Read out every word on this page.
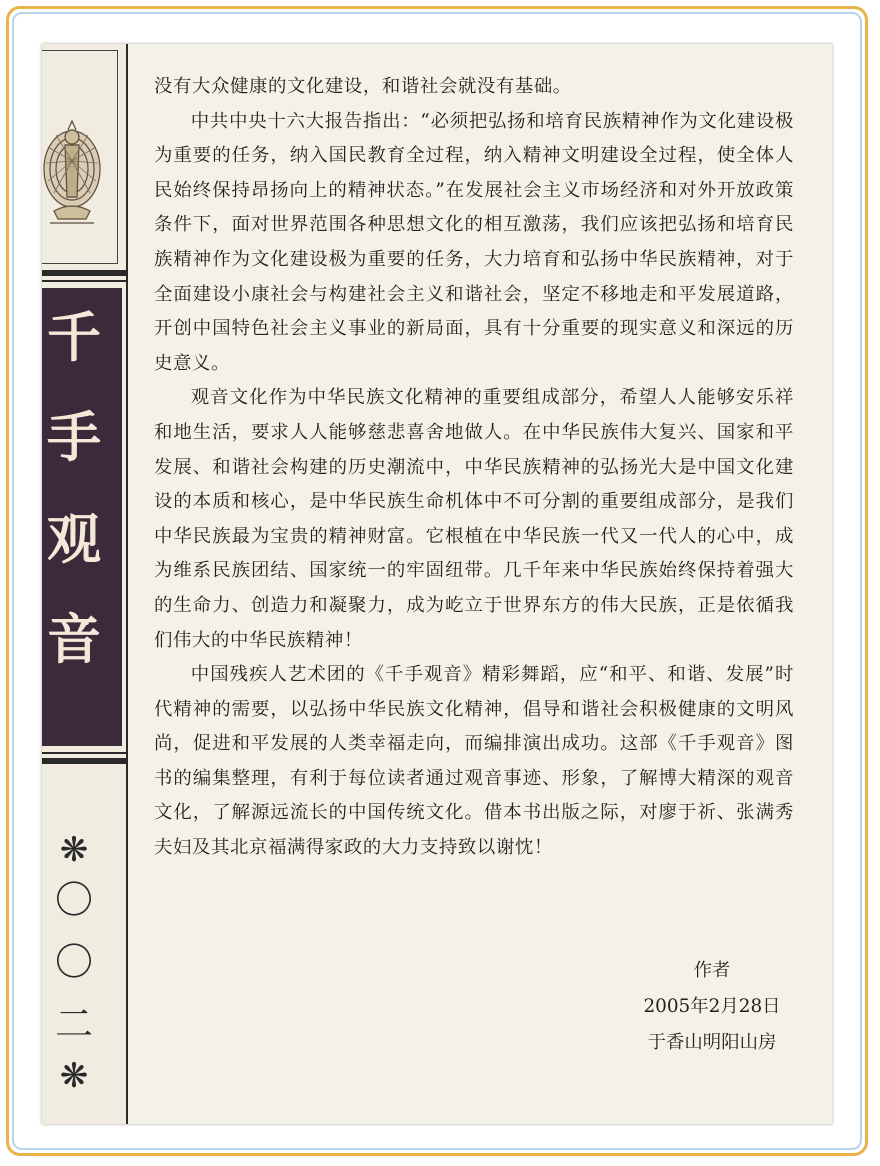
千
手
观
音
❋
〇
〇
二
❋

没有大众健康的文化建设，和谐社会就没有基础。

中共中央十六大报告指出：“必须把弘扬和培育民族精神作为文化建设极为重要的任务，纳入国民教育全过程，纳入精神文明建设全过程，使全体人民始终保持昂扬向上的精神状态。”在发展社会主义市场经济和对外开放政策条件下，面对世界范围各种思想文化的相互激荡，我们应该把弘扬和培育民族精神作为文化建设极为重要的任务，大力培育和弘扬中华民族精神，对于全面建设小康社会与构建社会主义和谐社会，坚定不移地走和平发展道路，开创中国特色社会主义事业的新局面，具有十分重要的现实意义和深远的历史意义。

观音文化作为中华民族文化精神的重要组成部分，希望人人能够安乐祥和地生活，要求人人能够慈悲喜舍地做人。在中华民族伟大复兴、国家和平发展、和谐社会构建的历史潮流中，中华民族精神的弘扬光大是中国文化建设的本质和核心，是中华民族生命机体中不可分割的重要组成部分，是我们中华民族最为宝贵的精神财富。它根植在中华民族一代又一代人的心中，成为维系民族团结、国家统一的牢固纽带。几千年来中华民族始终保持着强大的生命力、创造力和凝聚力，成为屹立于世界东方的伟大民族，正是依循我们伟大的中华民族精神！

中国残疾人艺术团的《千手观音》精彩舞蹈，应“和平、和谐、发展”时代精神的需要，以弘扬中华民族文化精神，倡导和谐社会积极健康的文明风尚，促进和平发展的人类幸福走向，而编排演出成功。这部《千手观音》图书的编集整理，有利于每位读者通过观音事迹、形象，了解博大精深的观音文化，了解源远流长的中国传统文化。借本书出版之际，对廖于祈、张满秀夫妇及其北京福满得家政的大力支持致以谢忱！

作者
2005年2月28日
于香山明阳山房
